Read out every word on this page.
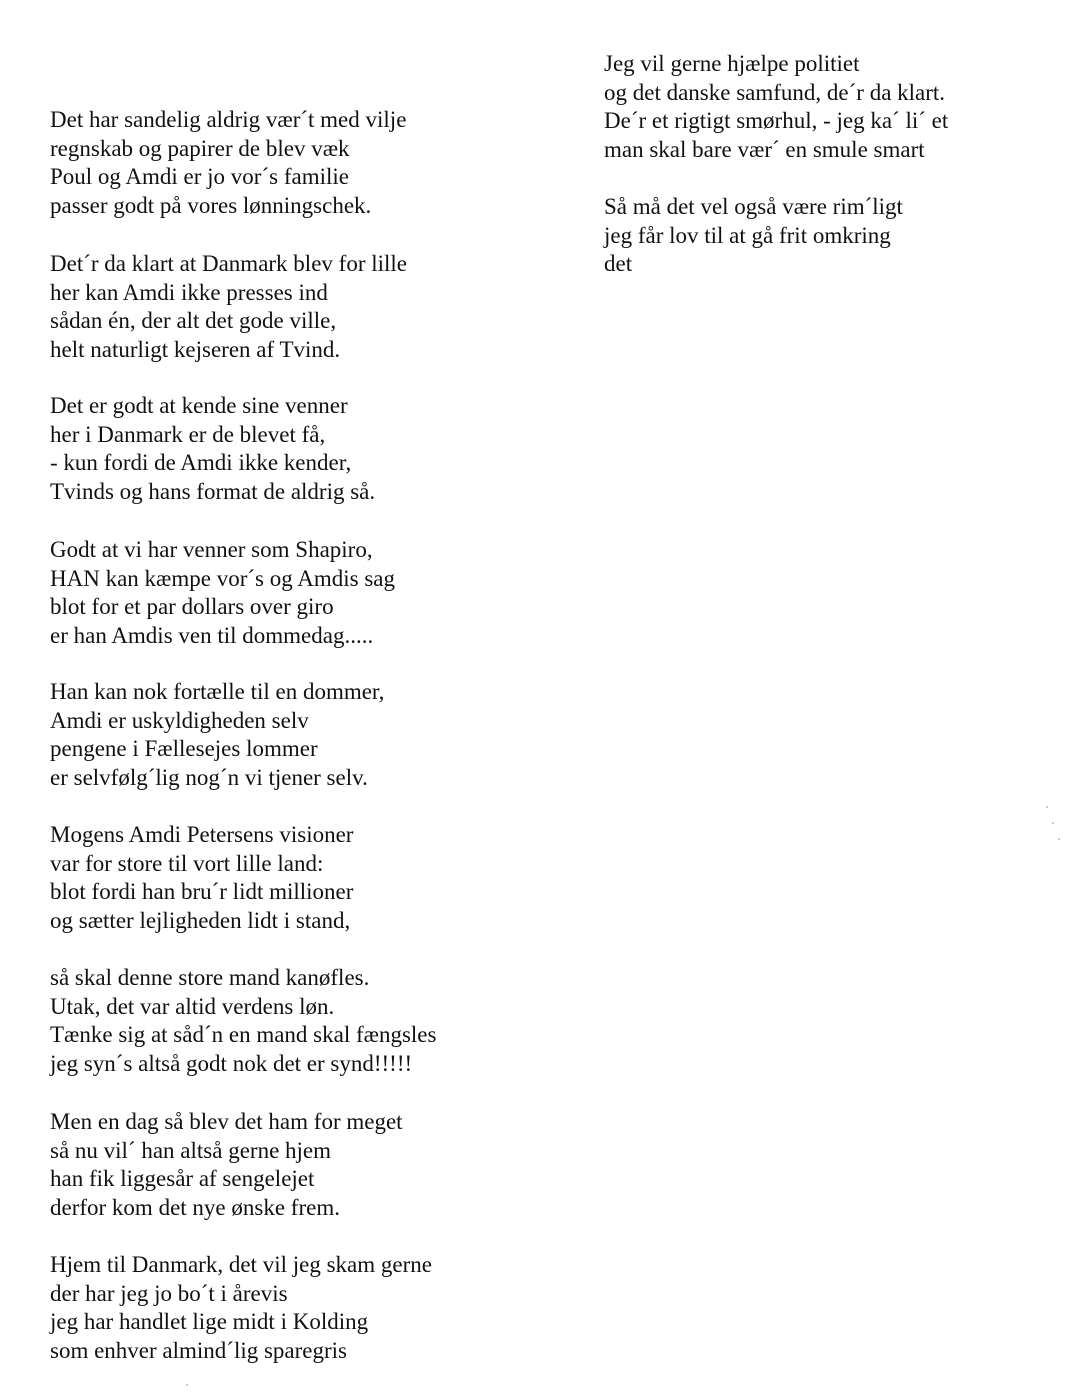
Det har sandelig aldrig vær´t med vilje
regnskab og papirer de blev væk
Poul og Amdi er jo vor´s familie
passer godt på vores lønningschek.
Det´r da klart at Danmark blev for lille
her kan Amdi ikke presses ind
sådan én, der alt det gode ville,
helt naturligt kejseren af Tvind.
Det er godt at kende sine venner
her i Danmark er de blevet få,
- kun fordi de Amdi ikke kender,
Tvinds og hans format de aldrig så.
Godt at vi har venner som Shapiro,
HAN kan kæmpe vor´s og Amdis sag
blot for et par dollars over giro
er han Amdis ven til dommedag.....
Han kan nok fortælle til en dommer,
Amdi er uskyldigheden selv
pengene i Fællesejes lommer
er selvfølg´lig nog´n vi tjener selv.
Mogens Amdi Petersens visioner
var for store til vort lille land:
blot fordi han bru´r lidt millioner
og sætter lejligheden lidt i stand,
så skal denne store mand kanøfles.
Utak, det var altid verdens løn.
Tænke sig at såd´n en mand skal fængsles
jeg syn´s altså godt nok det er synd!!!!!
Men en dag så blev det ham for meget
så nu vil´ han altså gerne hjem
han fik liggesår af sengelejet
derfor kom det nye ønske frem.
Hjem til Danmark, det vil jeg skam gerne
der har jeg jo bo´t i årevis
jeg har handlet lige midt i Kolding
som enhver almind´lig sparegris
Jeg vil gerne hjælpe politiet
og det danske samfund, de´r da klart.
De´r et rigtigt smørhul, - jeg ka´ li´ et
man skal bare vær´ en smule smart
Så må det vel også være rim´ligt
jeg får lov til at gå frit omkring
det
